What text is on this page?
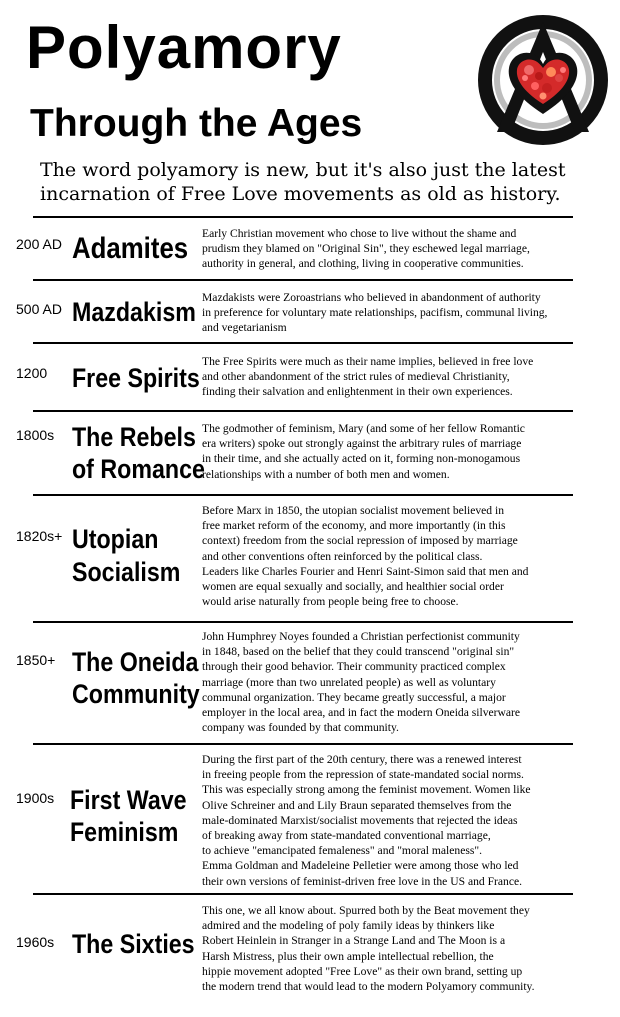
Polyamory
Through the Ages
The word polyamory is new, but it's also just the latest incarnation of Free Love movements as old as history.
200 AD Adamites Early Christian movement who chose to live without the shame and
prudism they blamed on "Original Sin", they eschewed legal marriage,
authority in general, and clothing, living in cooperative communities.
500 AD Mazdakism Mazdakists were Zoroastrians who believed in abandonment of authority
in preference for voluntary mate relationships, pacifism, communal living,
and vegetarianism
1200 Free Spirits
The Free Spirits were much as their name implies, believed in free love
and other abandonment of the strict rules of medieval Christianity,
finding their salvation and enlightenment in their own experiences.
1800s The Rebels
of Romance
The godmother of feminism, Mary (and some of her fellow Romantic
era writers) spoke out strongly against the arbitrary rules of marriage
in their time, and she actually acted on it, forming non-monogamous
relationships with a number of both men and women.
1820s+ Utopian
Socialism
Before Marx in 1850, the utopian socialist movement believed in
free market reform of the economy, and more importantly (in this
context) freedom from the social repression of imposed by marriage
and other conventions often reinforced by the political class.
Leaders like Charles Fourier and Henri Saint-Simon said that men and
women are equal sexually and socially, and healthier social order
would arise naturally from people being free to choose.
1850+ The Oneida
Community
John Humphrey Noyes founded a Christian perfectionist community
in 1848, based on the belief that they could transcend "original sin"
through their good behavior. Their community practiced complex
marriage (more than two unrelated people) as well as voluntary
communal organization. They became greatly successful, a major
employer in the local area, and in fact the modern Oneida silverware
company was founded by that community.
1900s First Wave
Feminism
During the first part of the 20th century, there was a renewed interest
in freeing people from the repression of state-mandated social norms.
This was especially strong among the feminist movement. Women like
Olive Schreiner and and Lily Braun separated themselves from the
male-dominated Marxist/socialist movements that rejected the ideas
of breaking away from state-mandated conventional marriage,
to achieve "emancipated femaleness" and "moral maleness".
Emma Goldman and Madeleine Pelletier were among those who led
their own versions of feminist-driven free love in the US and France.
1960s The Sixties
This one, we all know about. Spurred both by the Beat movement they
admired and the modeling of poly family ideas by thinkers like
Robert Heinlein in Stranger in a Strange Land and The Moon is a
Harsh Mistress, plus their own ample intellectual rebellion, the
hippie movement adopted "Free Love" as their own brand, setting up
the modern trend that would lead to the modern Polyamory community.
